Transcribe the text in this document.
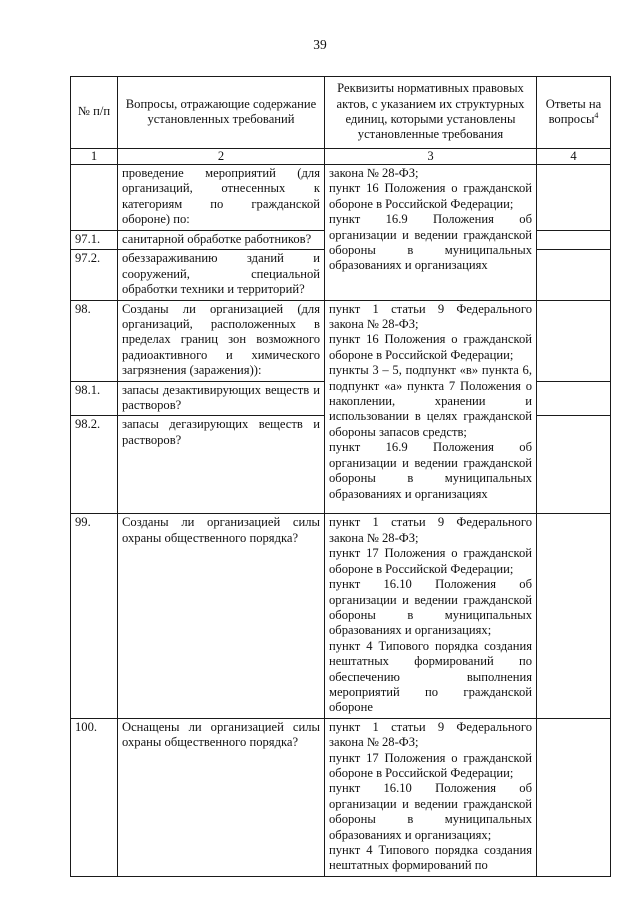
39
№ п/п	Вопросы, отражающие содержание установленных требований	Реквизиты нормативных правовых актов, с указанием их структурных единиц, которыми установлены установленные требования	Ответы на вопросы$^4$
1	2	3	4
	проведение мероприятий (для организаций, отнесенных к категориям по гражданской обороне) по:	закона № 28-ФЗ;

пункт 16 Положения о гражданской обороне в Российской Федерации;

пункт 16.9 Положения об организации и ведении гражданской обороны в муниципальных образованиях и организациях	

97.1.	санитарной обработке работников?		
97.2.	обеззараживанию зданий и сооружений, специальной обработки техники и территорий?		
98.	Созданы ли организацией (для организаций, расположенных в пределах границ зон возможного радиоактивного и химического загрязнения (заражения)):	пункт 1 статьи 9 Федерального закона № 28-ФЗ;

пункт 16 Положения о гражданской обороне в Российской Федерации;

пункты 3 – 5, подпункт «в» пункта 6, подпункт «а» пункта 7 Положения о накоплении, хранении и использовании в целях гражданской обороны запасов средств;

пункт 16.9 Положения об организации и ведении гражданской обороны в муниципальных образованиях и организациях	

98.1.	запасы дезактивирующих веществ и растворов?		
98.2.	запасы дегазирующих веществ и растворов?		
99.	Созданы ли организацией силы охраны общественного порядка?	пункт 1 статьи 9 Федерального закона № 28-ФЗ;

пункт 17 Положения о гражданской обороне в Российской Федерации;

пункт 16.10 Положения об организации и ведении гражданской обороны в муниципальных образованиях и организациях;

пункт 4 Типового порядка создания нештатных формирований по обеспечению выполнения мероприятий по гражданской обороне	

100.	Оснащены ли организацией силы охраны общественного порядка?	пункт 1 статьи 9 Федерального закона № 28-ФЗ;

пункт 17 Положения о гражданской обороне в Российской Федерации;

пункт 16.10 Положения об организации и ведении гражданской обороны в муниципальных образованиях и организациях;

пункт 4 Типового порядка создания нештатных формирований по	
